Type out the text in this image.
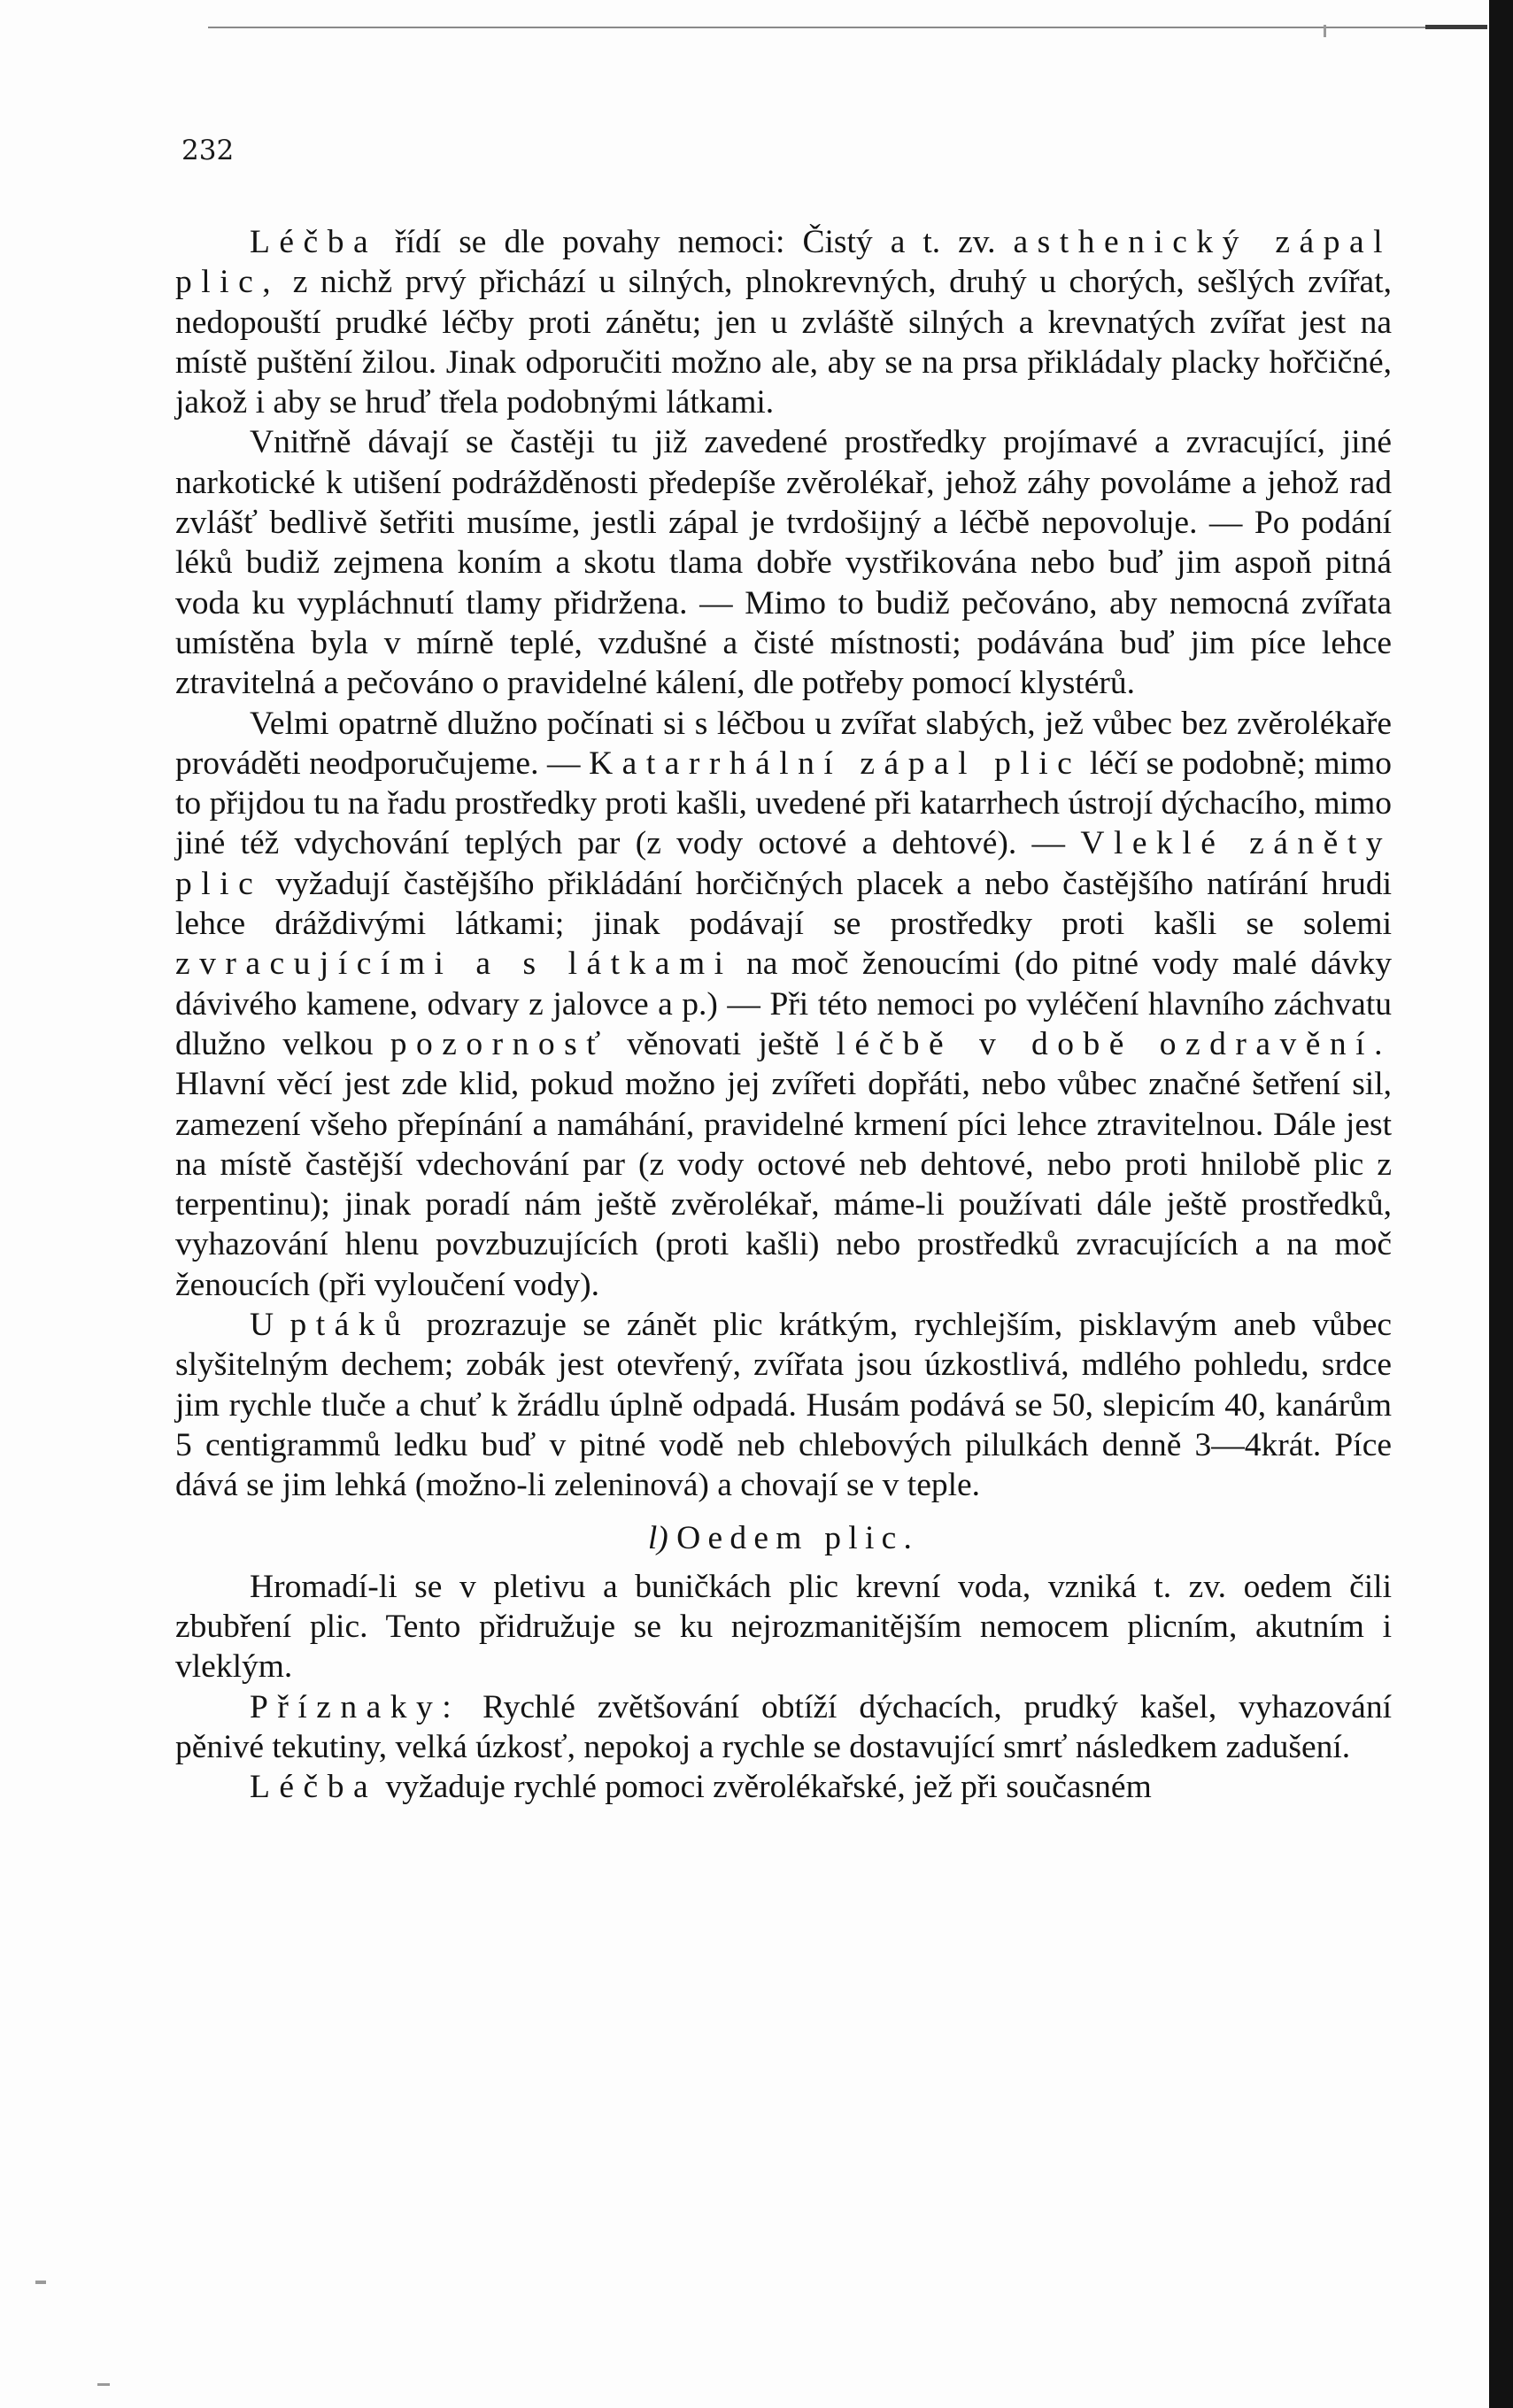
232

Léčba řídí se dle povahy nemoci: Čistý a t. zv. asthenický zápal plic, z nichž prvý přichází u silných, plnokrevných, druhý u chorých, sešlých zvířat, nedopouští prudké léčby proti zánětu; jen u zvláště silných a krevnatých zvířat jest na místě puštění žilou. Jinak odporučiti možno ale, aby se na prsa přikládaly placky hořčičné, jakož i aby se hruď třela podobnými látkami.

Vnitřně dávají se častěji tu již zavedené prostředky projímavé a zvracující, jiné narkotické k utišení podrážděnosti předepíše zvěrolékař, jehož záhy povoláme a jehož rad zvlášť bedlivě šetřiti musíme, jestli zápal je tvrdošijný a léčbě nepovoluje. — Po podání léků budiž zejmena koním a skotu tlama dobře vystřikována nebo buď jim aspoň pitná voda ku vypláchnutí tlamy přidržena. — Mimo to budiž pečováno, aby nemocná zvířata umístěna byla v mírně teplé, vzdušné a čisté místnosti; podávána buď jim píce lehce ztravitelná a pečováno o pravidelné kálení, dle potřeby pomocí klystérů.

Velmi opatrně dlužno počínati si s léčbou u zvířat slabých, jež vůbec bez zvěrolékaře prováděti neodporučujeme. — Katarrhální zápal plic léčí se podobně; mimo to přijdou tu na řadu prostředky proti kašli, uvedené při katarrhech ústrojí dýchacího, mimo jiné též vdychování teplých par (z vody octové a dehtové). — Vleklé záněty plic vyžadují častějšího přikládání horčičných placek a nebo častějšího natírání hrudi lehce dráždivými látkami; jinak podávají se prostředky proti kašli se solemi zvracujícími a s látkami na moč ženoucími (do pitné vody malé dávky dávivého kamene, odvary z jalovce a p.) — Při této nemoci po vyléčení hlavního záchvatu dlužno velkou pozornosť věnovati ještě léčbě v době ozdravění. Hlavní věcí jest zde klid, pokud možno jej zvířeti dopřáti, nebo vůbec značné šetření sil, zamezení všeho přepínání a namáhání, pravidelné krmení píci lehce ztravitelnou. Dále jest na místě častější vdechování par (z vody octové neb dehtové, nebo proti hnilobě plic z terpentinu); jinak poradí nám ještě zvěrolékař, máme-li používati dále ještě prostředků, vyhazování hlenu povzbuzujících (proti kašli) nebo prostředků zvracujících a na moč ženoucích (při vyloučení vody).

U ptáků prozrazuje se zánět plic krátkým, rychlejším, pisklavým aneb vůbec slyšitelným dechem; zobák jest otevřený, zvířata jsou úzkostlivá, mdlého pohledu, srdce jim rychle tluče a chuť k žrádlu úplně odpadá. Husám podává se 50, slepicím 40, kanárům 5 centigrammů ledku buď v pitné vodě neb chlebových pilulkách denně 3—4krát. Píce dává se jim lehká (možno-li zeleninová) a chovají se v teple.

l) Oedem plic.

Hromadí-li se v pletivu a buničkách plic krevní voda, vzniká t. zv. oedem čili zbubření plic. Tento přidružuje se ku nejrozmanitějším nemocem plicním, akutním i vleklým.

Příznaky: Rychlé zvětšování obtíží dýchacích, prudký kašel, vyhazování pěnivé tekutiny, velká úzkosť, nepokoj a rychle se dostavující smrť následkem zadušení.

Léčba vyžaduje rychlé pomoci zvěrolékařské, jež při současném
